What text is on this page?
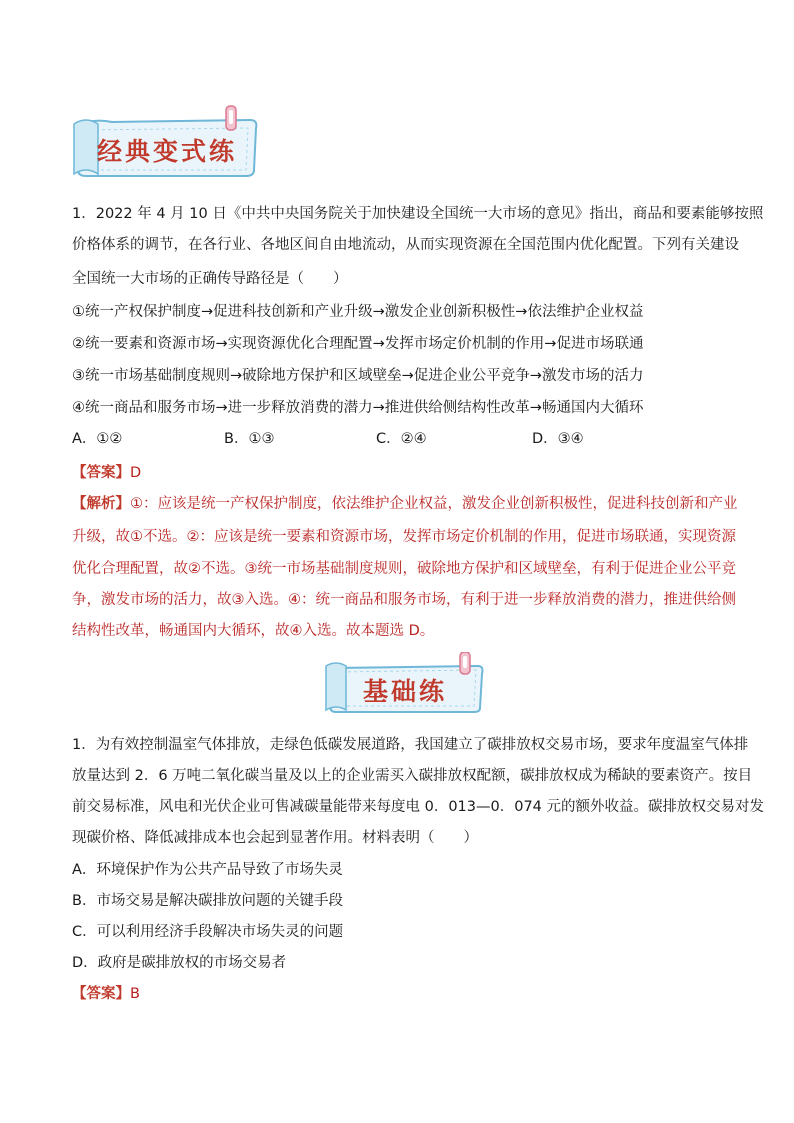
经典变式练
1．2022 年 4 月 10 日《中共中央国务院关于加快建设全国统一大市场的意见》指出，商品和要素能够按照
价格体系的调节，在各行业、各地区间自由地流动，从而实现资源在全国范围内优化配置。下列有关建设
全国统一大市场的正确传导路径是（　　）
①统一产权保护制度→促进科技创新和产业升级→激发企业创新积极性→依法维护企业权益
②统一要素和资源市场→实现资源优化合理配置→发挥市场定价机制的作用→促进市场联通
③统一市场基础制度规则→破除地方保护和区域壁垒→促进企业公平竞争→激发市场的活力
④统一商品和服务市场→进一步释放消费的潜力→推进供给侧结构性改革→畅通国内大循环
A．①②	B．①③	C．②④	D．③④
【答案】D
【解析】①：应该是统一产权保护制度，依法维护企业权益，激发企业创新积极性，促进科技创新和产业
升级，故①不选。②：应该是统一要素和资源市场，发挥市场定价机制的作用，促进市场联通，实现资源
优化合理配置，故②不选。③统一市场基础制度规则，破除地方保护和区域壁垒，有利于促进企业公平竞
争，激发市场的活力，故③入选。④：统一商品和服务市场，有利于进一步释放消费的潜力，推进供给侧
结构性改革，畅通国内大循环，故④入选。故本题选 D。
基础练
1．为有效控制温室气体排放，走绿色低碳发展道路，我国建立了碳排放权交易市场，要求年度温室气体排
放量达到 2．6 万吨二氧化碳当量及以上的企业需买入碳排放权配额，碳排放权成为稀缺的要素资产。按目
前交易标准，风电和光伏企业可售减碳量能带来每度电 0．013—0．074 元的额外收益。碳排放权交易对发
现碳价格、降低减排成本也会起到显著作用。材料表明（　　）
A．环境保护作为公共产品导致了市场失灵
B．市场交易是解决碳排放问题的关键手段
C．可以利用经济手段解决市场失灵的问题
D．政府是碳排放权的市场交易者
【答案】B
